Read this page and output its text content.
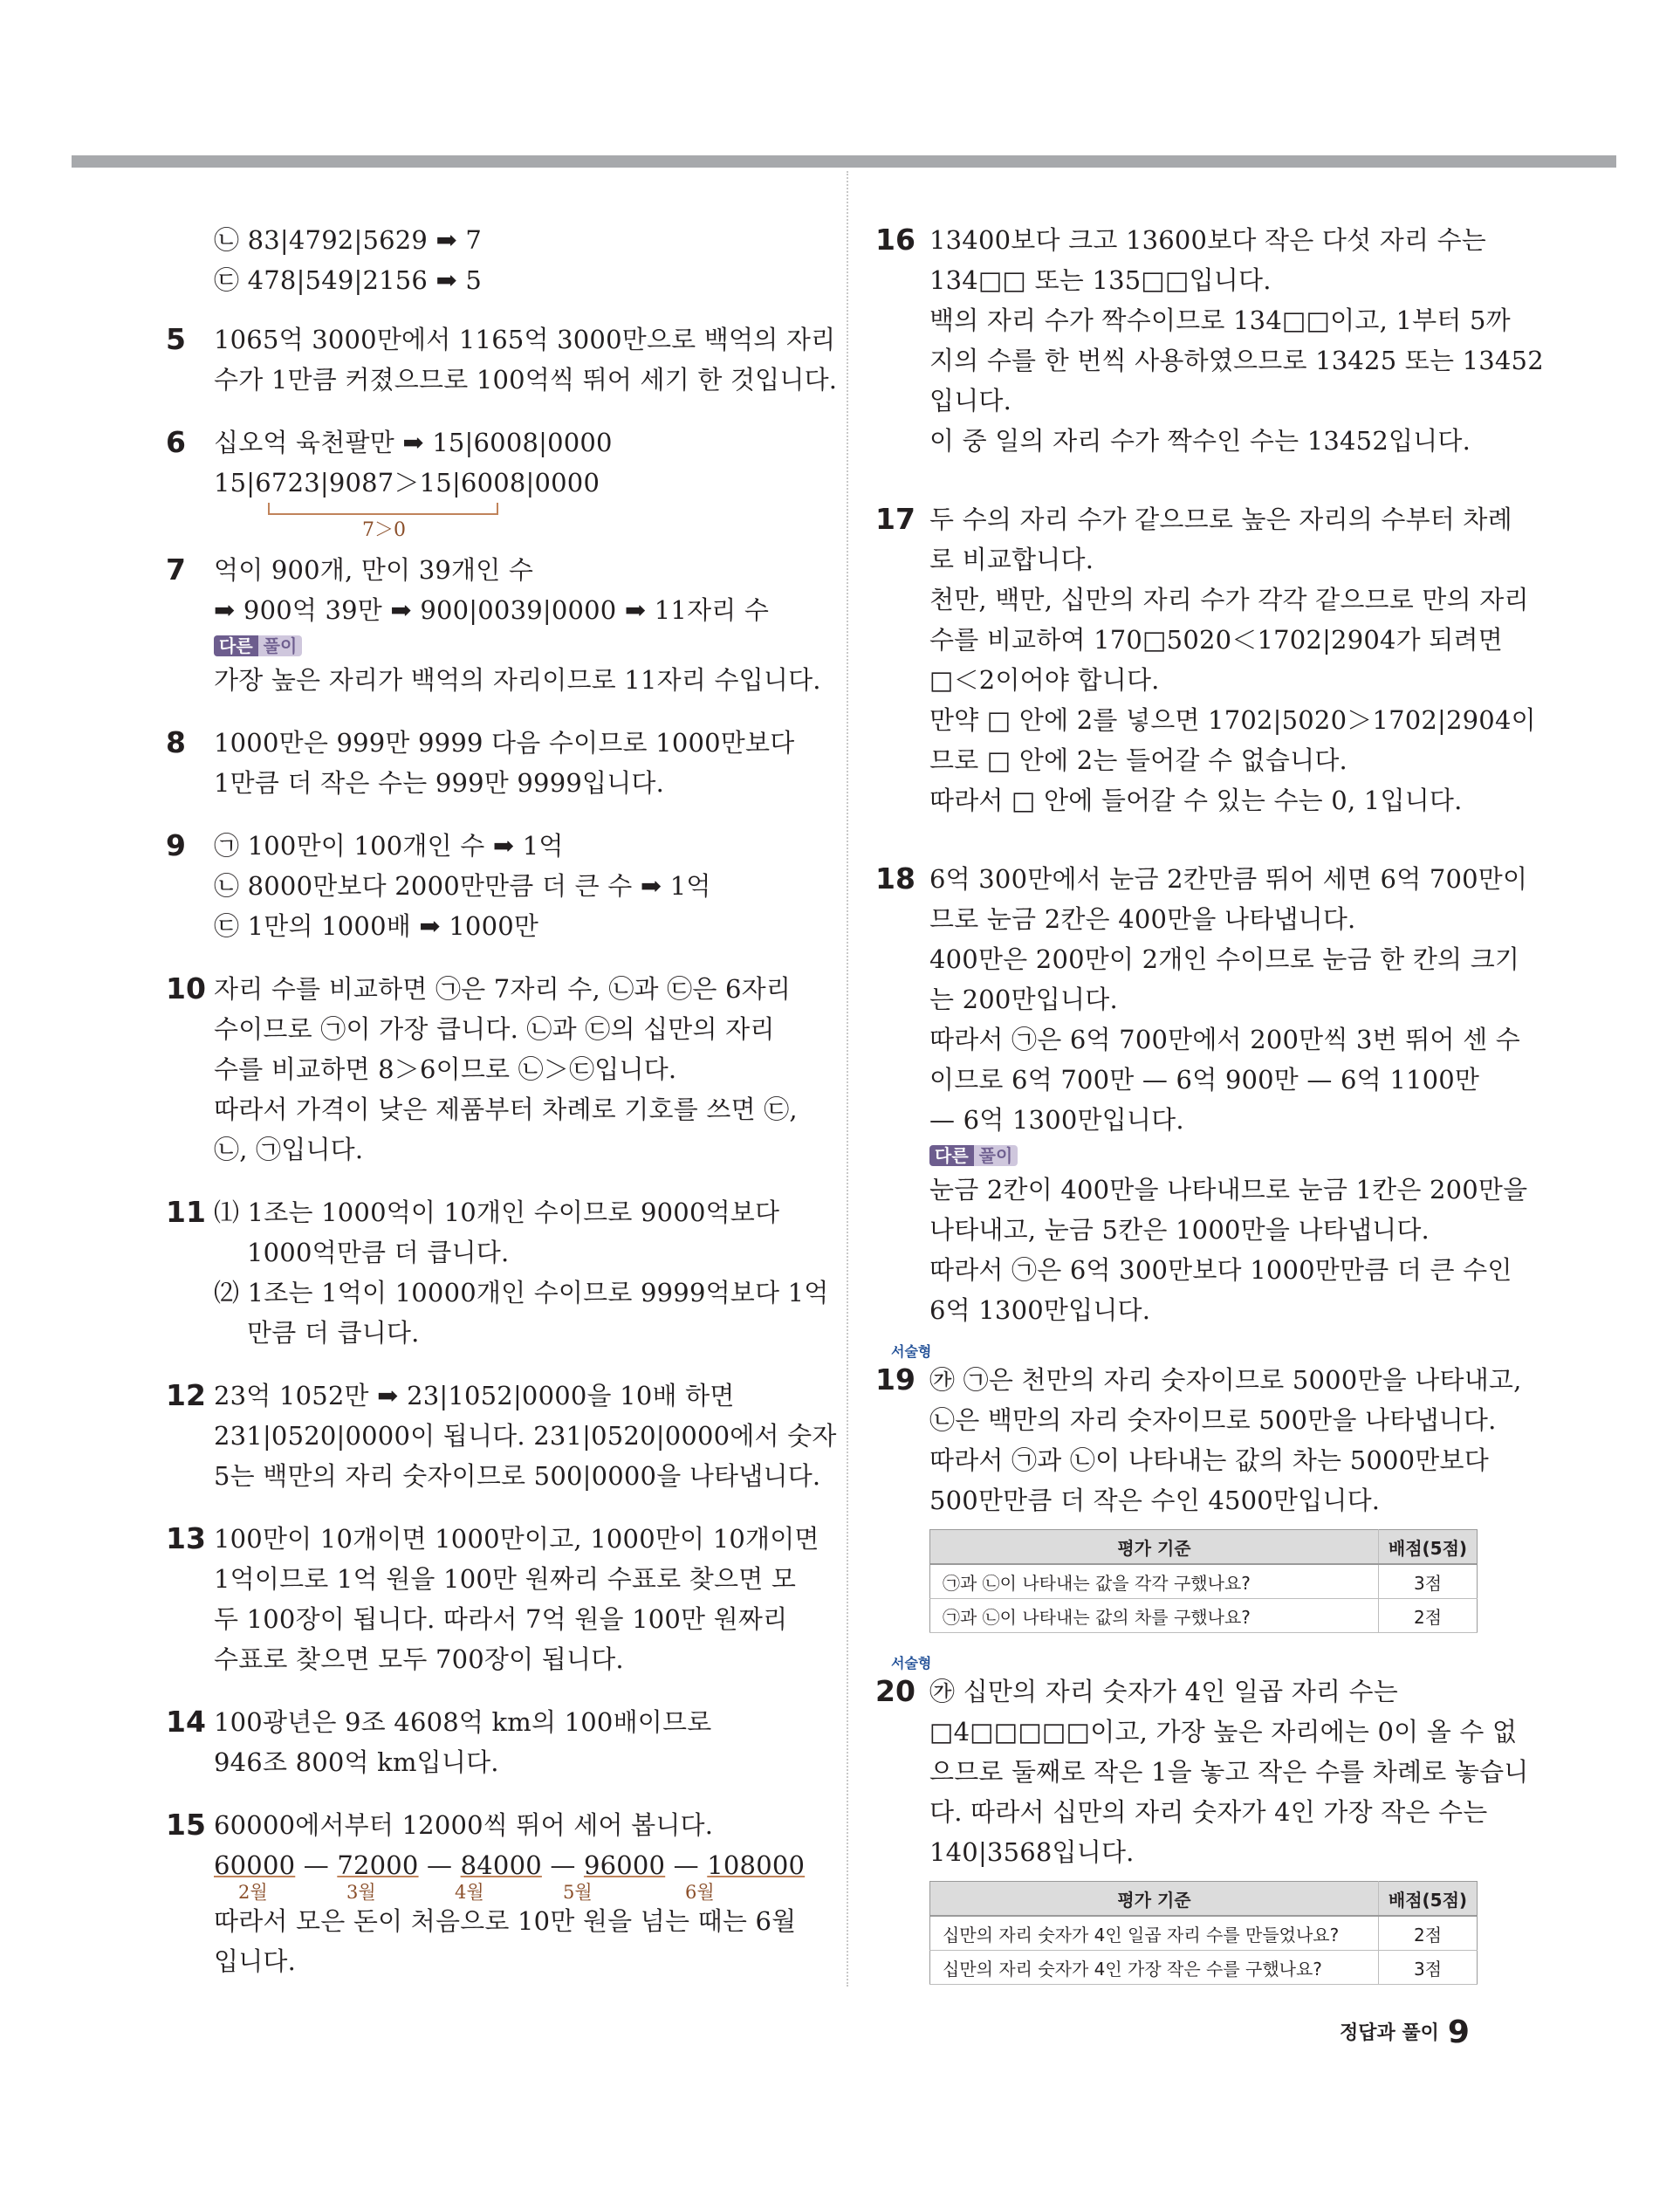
㉡ 83|4792|5629 ➡ 7
㉢ 478|549|2156 ➡ 5
5	1065억 3000만에서 1165억 3000만으로 백억의 자리
수가 1만큼 커졌으므로 100억씩 뛰어 세기 한 것입니다.
6	십오억 육천팔만 ➡ 15|6008|0000
15|6723|9087＞15|6008|0000
7＞0
7	억이 900개, 만이 39개인 수
➡ 900억 39만 ➡ 900|0039|0000 ➡ 11자리 수
다른 풀이
가장 높은 자리가 백억의 자리이므로 11자리 수입니다.
8	1000만은 999만 9999 다음 수이므로 1000만보다
1만큼 더 작은 수는 999만 9999입니다.
9	㉠ 100만이 100개인 수 ➡ 1억
㉡ 8000만보다 2000만만큼 더 큰 수 ➡ 1억
㉢ 1만의 1000배 ➡ 1000만
10 자리 수를 비교하면 ㉠은 7자리 수, ㉡과 ㉢은 6자리
수이므로 ㉠이 가장 큽니다. ㉡과 ㉢의 십만의 자리
수를 비교하면 8＞6이므로 ㉡＞㉢입니다.
따라서 가격이 낮은 제품부터 차례로 기호를 쓰면 ㉢,
㉡, ㉠입니다.
11 ⑴ 1조는 1000억이 10개인 수이므로 9000억보다
1000억만큼 더 큽니다.
⑵ 1조는 1억이 10000개인 수이므로 9999억보다 1억
만큼 더 큽니다.
12 23억 1052만 ➡ 23|1052|0000을 10배 하면
231|0520|0000이 됩니다. 231|0520|0000에서 숫자
5는 백만의 자리 숫자이므로 500|0000을 나타냅니다.
13 100만이 10개이면 1000만이고, 1000만이 10개이면
1억이므로 1억 원을 100만 원짜리 수표로 찾으면 모
두 100장이 됩니다. 따라서 7억 원을 100만 원짜리
수표로 찾으면 모두 700장이 됩니다.
14 100광년은 9조 4608억 km의 100배이므로
946조 800억 km입니다.
15 60000에서부터 12000씩 뛰어 세어 봅니다.
60000 — 72000 — 84000 — 96000 — 108000
2월	3월	4월	5월	6월
따라서 모은 돈이 처음으로 10만 원을 넘는 때는 6월
입니다.
16 13400보다 크고 13600보다 작은 다섯 자리 수는
134□□ 또는 135□□입니다.
백의 자리 수가 짝수이므로 134□□이고, 1부터 5까
지의 수를 한 번씩 사용하였으므로 13425 또는 13452
입니다.
이 중 일의 자리 수가 짝수인 수는 13452입니다.
17 두 수의 자리 수가 같으므로 높은 자리의 수부터 차례
로 비교합니다.
천만, 백만, 십만의 자리 수가 각각 같으므로 만의 자리
수를 비교하여 170□5020＜1702|2904가 되려면
□＜2이어야 합니다.
만약 □ 안에 2를 넣으면 1702|5020＞1702|2904이
므로 □ 안에 2는 들어갈 수 없습니다.
따라서 □ 안에 들어갈 수 있는 수는 0, 1입니다.
18 6억 300만에서 눈금 2칸만큼 뛰어 세면 6억 700만이
므로 눈금 2칸은 400만을 나타냅니다.
400만은 200만이 2개인 수이므로 눈금 한 칸의 크기
는 200만입니다.
따라서 ㉠은 6억 700만에서 200만씩 3번 뛰어 센 수
이므로 6억 700만 — 6억 900만 — 6억 1100만
— 6억 1300만입니다.
다른 풀이
눈금 2칸이 400만을 나타내므로 눈금 1칸은 200만을
나타내고, 눈금 5칸은 1000만을 나타냅니다.
따라서 ㉠은 6억 300만보다 1000만만큼 더 큰 수인
6억 1300만입니다.
서술형
19 ㉮ ㉠은 천만의 자리 숫자이므로 5000만을 나타내고,
㉡은 백만의 자리 숫자이므로 500만을 나타냅니다.
따라서 ㉠과 ㉡이 나타내는 값의 차는 5000만보다
500만만큼 더 작은 수인 4500만입니다.
평가 기준	배점(5점)
㉠과 ㉡이 나타내는 값을 각각 구했나요?	3점
㉠과 ㉡이 나타내는 값의 차를 구했나요?	2점
서술형
20 ㉮ 십만의 자리 숫자가 4인 일곱 자리 수는
□4□□□□□이고, 가장 높은 자리에는 0이 올 수 없
으므로 둘째로 작은 1을 놓고 작은 수를 차례로 놓습니
다. 따라서 십만의 자리 숫자가 4인 가장 작은 수는
140|3568입니다.
평가 기준	배점(5점)
십만의 자리 숫자가 4인 일곱 자리 수를 만들었나요?	2점
십만의 자리 숫자가 4인 가장 작은 수를 구했나요?	3점
정답과 풀이 9
